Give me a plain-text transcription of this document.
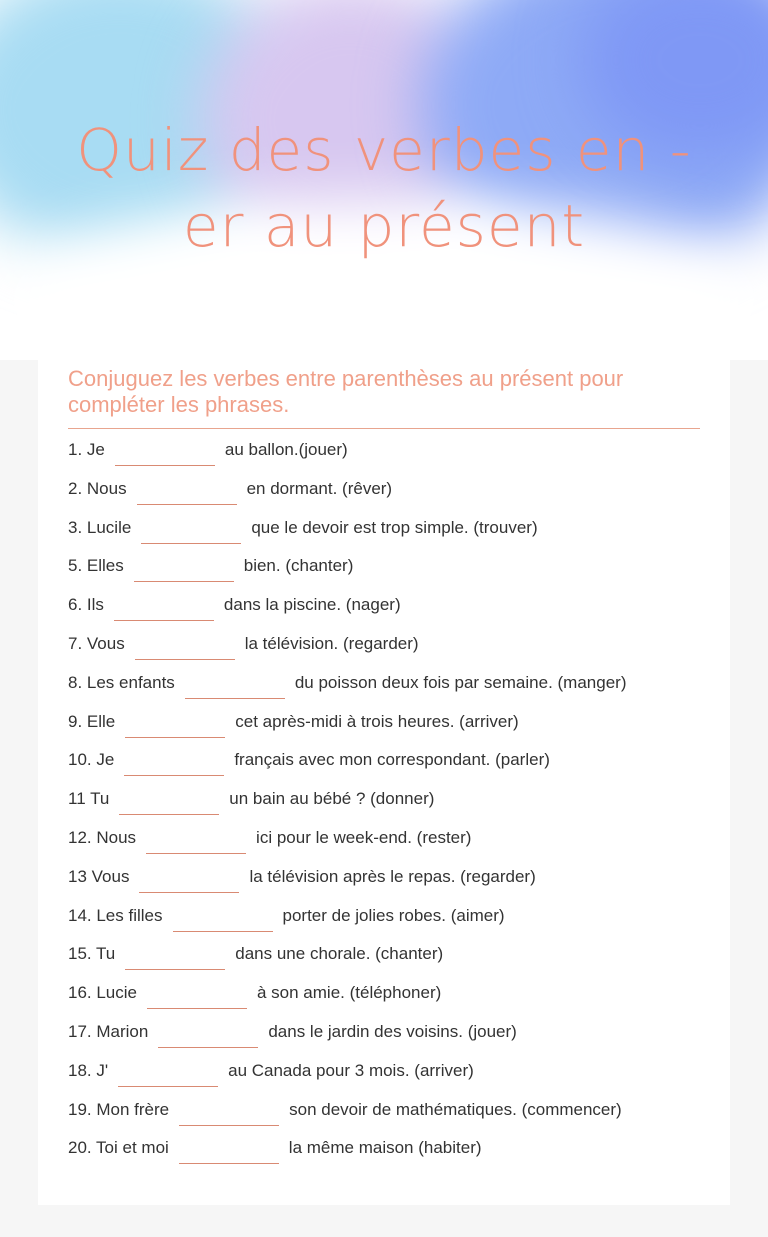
Quiz des verbes en -er au présent
Conjuguez les verbes entre parenthèses au présent pour compléter les phrases.
1. Je	au ballon.(jouer)
2. Nous	en dormant. (rêver)
3. Lucile	que le devoir est trop simple. (trouver)
5. Elles	bien. (chanter)
6. Ils	dans la piscine. (nager)
7. Vous	la télévision. (regarder)
8. Les enfants	du poisson deux fois par semaine. (manger)
9. Elle	cet après-midi à trois heures. (arriver)
10. Je	français avec mon correspondant. (parler)
11 Tu	un bain au bébé ? (donner)
12. Nous	ici pour le week-end. (rester)
13 Vous	la télévision après le repas. (regarder)
14. Les filles	porter de jolies robes. (aimer)
15. Tu	dans une chorale. (chanter)
16. Lucie	à son amie. (téléphoner)
17. Marion	dans le jardin des voisins. (jouer)
18. J'	au Canada pour 3 mois. (arriver)
19. Mon frère	son devoir de mathématiques. (commencer)
20. Toi et moi	la même maison (habiter)
